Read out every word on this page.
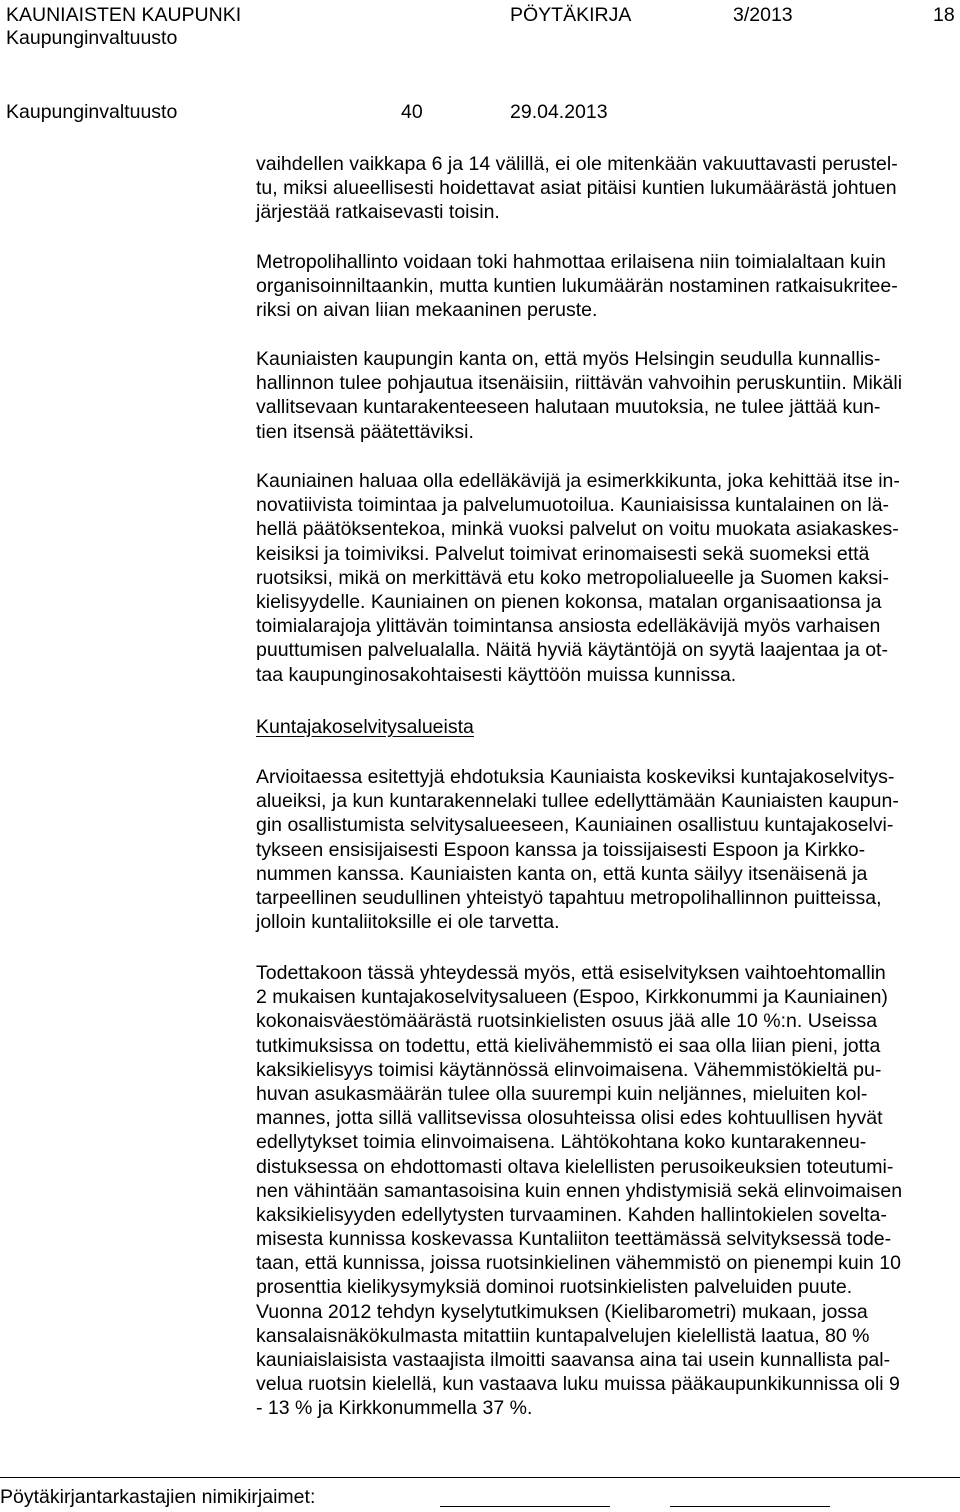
KAUNIAISTEN KAUPUNKI	PÖYTÄKIRJA	3/2013	18
Kaupunginvaltuusto
Kaupunginvaltuusto	40	29.04.2013

vaihdellen vaikkapa 6 ja 14 välillä, ei ole mitenkään vakuuttavasti perustel-
tu, miksi alueellisesti hoidettavat asiat pitäisi kuntien lukumäärästä johtuen
järjestää ratkaisevasti toisin.

Metropolihallinto voidaan toki hahmottaa erilaisena niin toimialaltaan kuin
organisoinniltaankin, mutta kuntien lukumäärän nostaminen ratkaisukritee-
riksi on aivan liian mekaaninen peruste.

Kauniaisten kaupungin kanta on, että myös Helsingin seudulla kunnallis-
hallinnon tulee pohjautua itsenäisiin, riittävän vahvoihin peruskuntiin. Mikäli
vallitsevaan kuntarakenteeseen halutaan muutoksia, ne tulee jättää kun-
tien itsensä päätettäviksi.

Kauniainen haluaa olla edelläkävijä ja esimerkkikunta, joka kehittää itse in-
novatiivista toimintaa ja palvelumuotoilua. Kauniaisissa kuntalainen on lä-
hellä päätöksentekoa, minkä vuoksi palvelut on voitu muokata asiakaskes-
keisiksi ja toimiviksi. Palvelut toimivat erinomaisesti sekä suomeksi että
ruotsiksi, mikä on merkittävä etu koko metropolialueelle ja Suomen kaksi-
kielisyydelle. Kauniainen on pienen kokonsa, matalan organisaationsa ja
toimialarajoja ylittävän toimintansa ansiosta edelläkävijä myös varhaisen
puuttumisen palvelualalla. Näitä hyviä käytäntöjä on syytä laajentaa ja ot-
taa kaupunginosakohtaisesti käyttöön muissa kunnissa.

Kuntajakoselvitysalueista

Arvioitaessa esitettyjä ehdotuksia Kauniaista koskeviksi kuntajakoselvitys-
alueiksi, ja kun kuntarakennelaki tullee edellyttämään Kauniaisten kaupun-
gin osallistumista selvitysalueeseen, Kauniainen osallistuu kuntajakoselvi-
tykseen ensisijaisesti Espoon kanssa ja toissijaisesti Espoon ja Kirkko-
nummen kanssa. Kauniaisten kanta on, että kunta säilyy itsenäisenä ja
tarpeellinen seudullinen yhteistyö tapahtuu metropolihallinnon puitteissa,
jolloin kuntaliitoksille ei ole tarvetta.

Todettakoon tässä yhteydessä myös, että esiselvityksen vaihtoehtomallin
2 mukaisen kuntajakoselvitysalueen (Espoo, Kirkkonummi ja Kauniainen)
kokonaisväestömäärästä ruotsinkielisten osuus jää alle 10 %:n. Useissa
tutkimuksissa on todettu, että kielivähemmistö ei saa olla liian pieni, jotta
kaksikielisyys toimisi käytännössä elinvoimaisena. Vähemmistökieltä pu-
huvan asukasmäärän tulee olla suurempi kuin neljännes, mieluiten kol-
mannes, jotta sillä vallitsevissa olosuhteissa olisi edes kohtuullisen hyvät
edellytykset toimia elinvoimaisena. Lähtökohtana koko kuntarakenneu-
distuksessa on ehdottomasti oltava kielellisten perusoikeuksien toteutumi-
nen vähintään samantasoisina kuin ennen yhdistymisiä sekä elinvoimaisen
kaksikielisyyden edellytysten turvaaminen. Kahden hallintokielen soveltа-
misesta kunnissa koskevassa Kuntaliiton teettämässä selvityksessä tode-
taan, että kunnissa, joissa ruotsinkielinen vähemmistö on pienempi kuin 10
prosenttia kielikysymyksiä dominoi ruotsinkielisten palveluiden puute.
Vuonna 2012 tehdyn kyselytutkimuksen (Kielibarometri) mukaan, jossa
kansalaisnäkökulmasta mitattiin kuntapalvelujen kielellistä laatua, 80 %
kauniaislaisista vastaajista ilmoitti saavansa aina tai usein kunnallista pal-
velua ruotsin kielellä, kun vastaava luku muissa pääkaupunkikunnissa oli 9
- 13 % ja Kirkkonummella 37 %.

Pöytäkirjantarkastajien nimikirjaimet:
